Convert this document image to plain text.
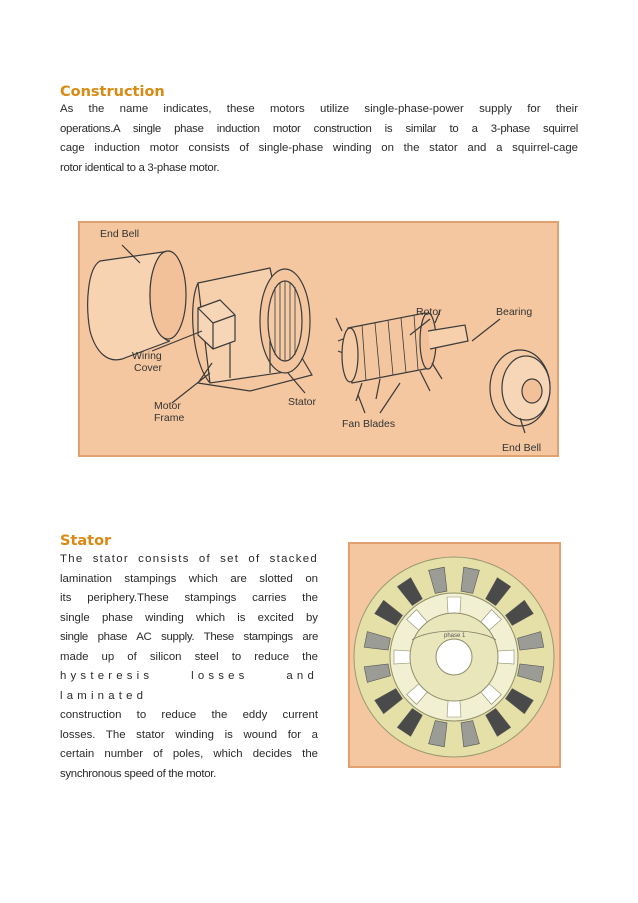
Construction
As the name indicates, these motors utilize single-phase-power supply for their
operations.A single phase induction motor construction is similar to a 3-phase squirrel
cage induction motor consists of single-phase winding on the stator and a squirrel-cage
rotor identical to a 3-phase motor.
End Bell
Wiring
Cover
Motor
Frame
Stator
Rotor	Bearing
Fan Blades
End Bell
Stator
The stator consists of set of stacked
lamination stampings which are slotted on
its periphery.These stampings carries the
single phase winding which is excited by
single phase AC supply. These stampings are
made up of silicon steel to reduce the
hysteresis losses and laminated
construction to reduce the eddy current
losses. The stator winding is wound for a
certain number of poles, which decides the
synchronous speed of the motor.
phase 1
